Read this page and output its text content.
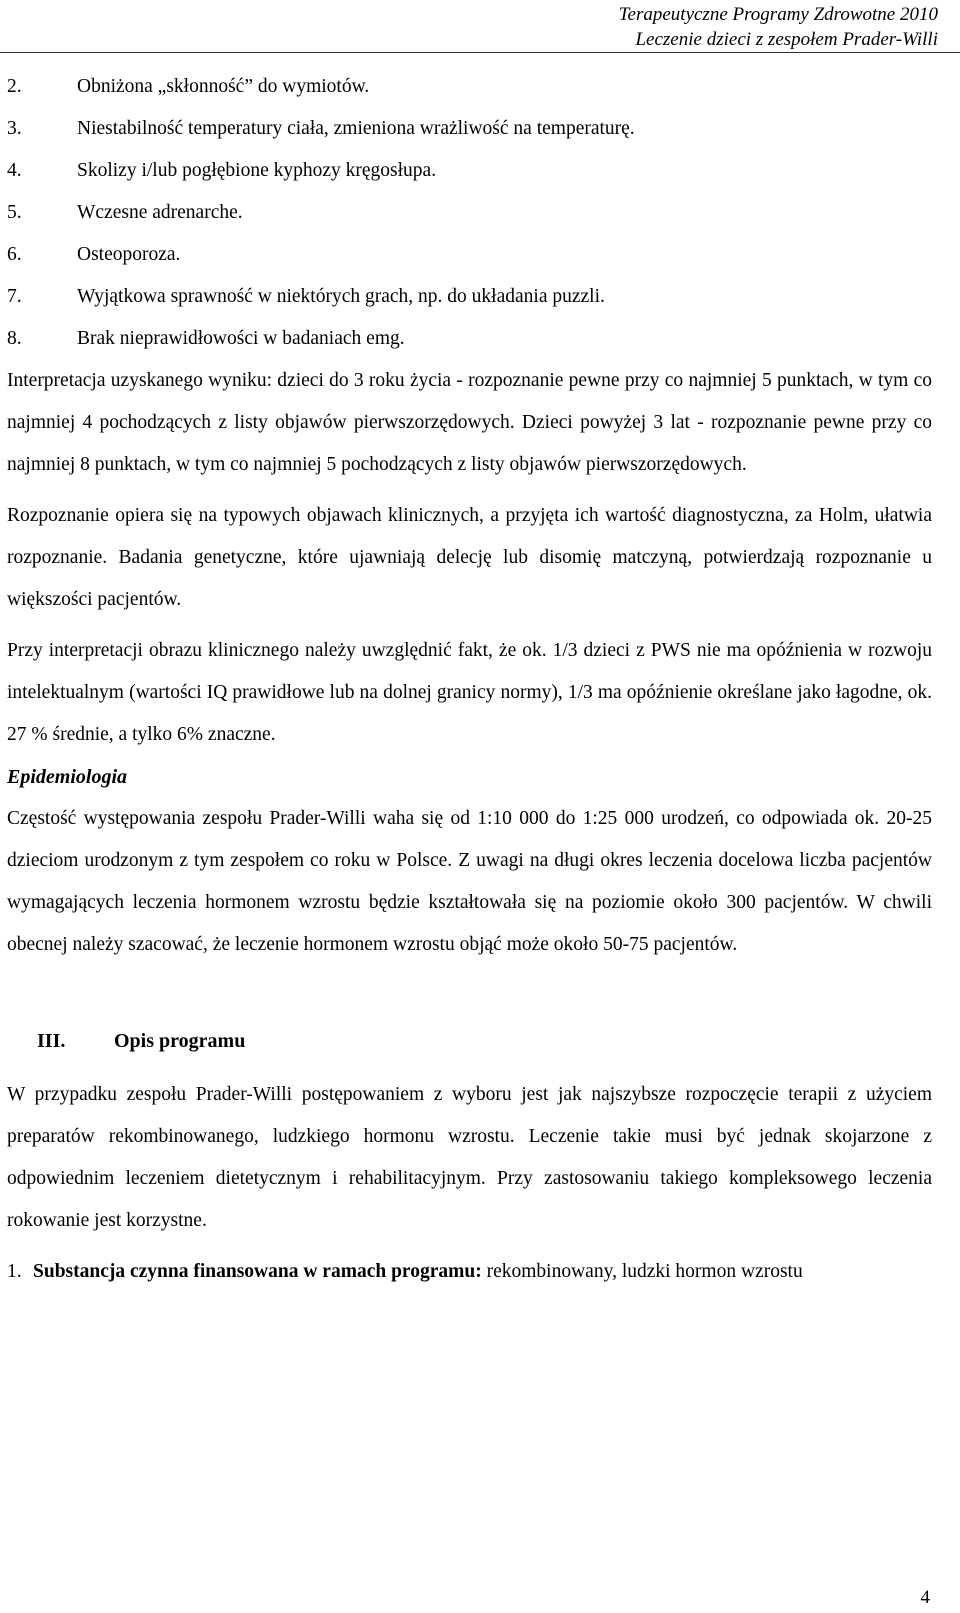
Terapeutyczne Programy Zdrowotne 2010
Leczenie dzieci z zespołem Prader-Willi

2.	Obniżona „skłonność” do wymiotów.

3.	Niestabilność temperatury ciała, zmieniona wrażliwość na temperaturę.

4.	Skolizy i/lub pogłębione kyphozy kręgosłupa.

5.	Wczesne adrenarche.

6.	Osteoporoza.

7.	Wyjątkowa sprawność w niektórych grach, np. do układania puzzli.

8.	Brak nieprawidłowości w badaniach emg.

Interpretacja uzyskanego wyniku: dzieci do 3 roku życia - rozpoznanie pewne przy co najmniej 5 punktach, w tym co najmniej 4 pochodzących z listy objawów pierwszorzędowych. Dzieci powyżej 3 lat - rozpoznanie pewne przy co najmniej 8 punktach, w tym co najmniej 5 pochodzących z listy objawów pierwszorzędowych.

Rozpoznanie opiera się na typowych objawach klinicznych, a przyjęta ich wartość diagnostyczna, za Holm, ułatwia rozpoznanie. Badania genetyczne, które ujawniają delecję lub disomię matczyną, potwierdzają rozpoznanie u większości pacjentów.

Przy interpretacji obrazu klinicznego należy uwzględnić fakt, że ok. 1/3 dzieci z PWS nie ma opóźnienia w rozwoju intelektualnym (wartości IQ prawidłowe lub na dolnej granicy normy), 1/3 ma opóźnienie określane jako łagodne, ok. 27 % średnie, a tylko 6% znaczne.

Epidemiologia

Częstość występowania zespołu Prader-Willi waha się od 1:10 000 do 1:25 000 urodzeń, co odpowiada ok. 20-25 dzieciom urodzonym z tym zespołem co roku w Polsce. Z uwagi na długi okres leczenia docelowa liczba pacjentów wymagających leczenia hormonem wzrostu będzie kształtowała się na poziomie około 300 pacjentów. W chwili obecnej należy szacować, że leczenie hormonem wzrostu objąć może około 50-75 pacjentów.

III. Opis programu

W przypadku zespołu Prader-Willi postępowaniem z wyboru jest jak najszybsze rozpoczęcie terapii z użyciem preparatów rekombinowanego, ludzkiego hormonu wzrostu. Leczenie takie musi być jednak skojarzone z odpowiednim leczeniem dietetycznym i rehabilitacyjnym. Przy zastosowaniu takiego kompleksowego leczenia rokowanie jest korzystne.

1. Substancja czynna finansowana w ramach programu: rekombinowany, ludzki hormon wzrostu

4
